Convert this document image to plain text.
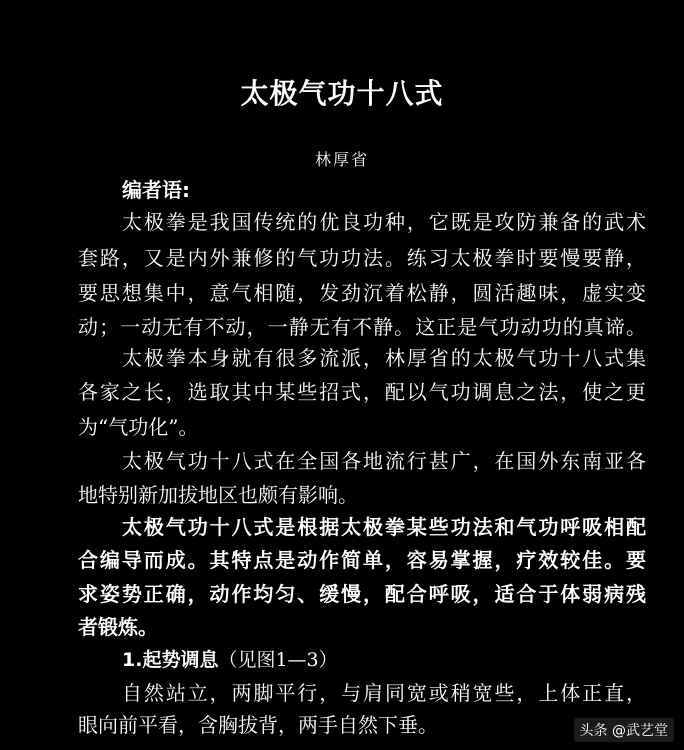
太极气功十八式
林厚省
编者语:
太极拳是我国传统的优良功种，它既是攻防兼备的武术
套路，又是内外兼修的气功功法。练习太极拳时要慢要静，
要思想集中，意气相随，发劲沉着松静，圆活趣味，虚实变
动；一动无有不动，一静无有不静。这正是气功动功的真谛。
太极拳本身就有很多流派，林厚省的太极气功十八式集
各家之长，选取其中某些招式，配以气功调息之法，使之更
为“气功化”。
太极气功十八式在全国各地流行甚广，在国外东南亚各
地特别新加拔地区也颇有影响。
太极气功十八式是根据太极拳某些功法和气功呼吸相配
合编导而成。其特点是动作简单，容易掌握，疗效较佳。要
求姿势正确，动作均匀、缓慢，配合呼吸，适合于体弱病残
者锻炼。
1.起势调息（见图1—3）
自然站立，两脚平行，与肩同宽或稍宽些，上体正直，
眼向前平看，含胸拔背，两手自然下垂。	头条 @武艺堂
